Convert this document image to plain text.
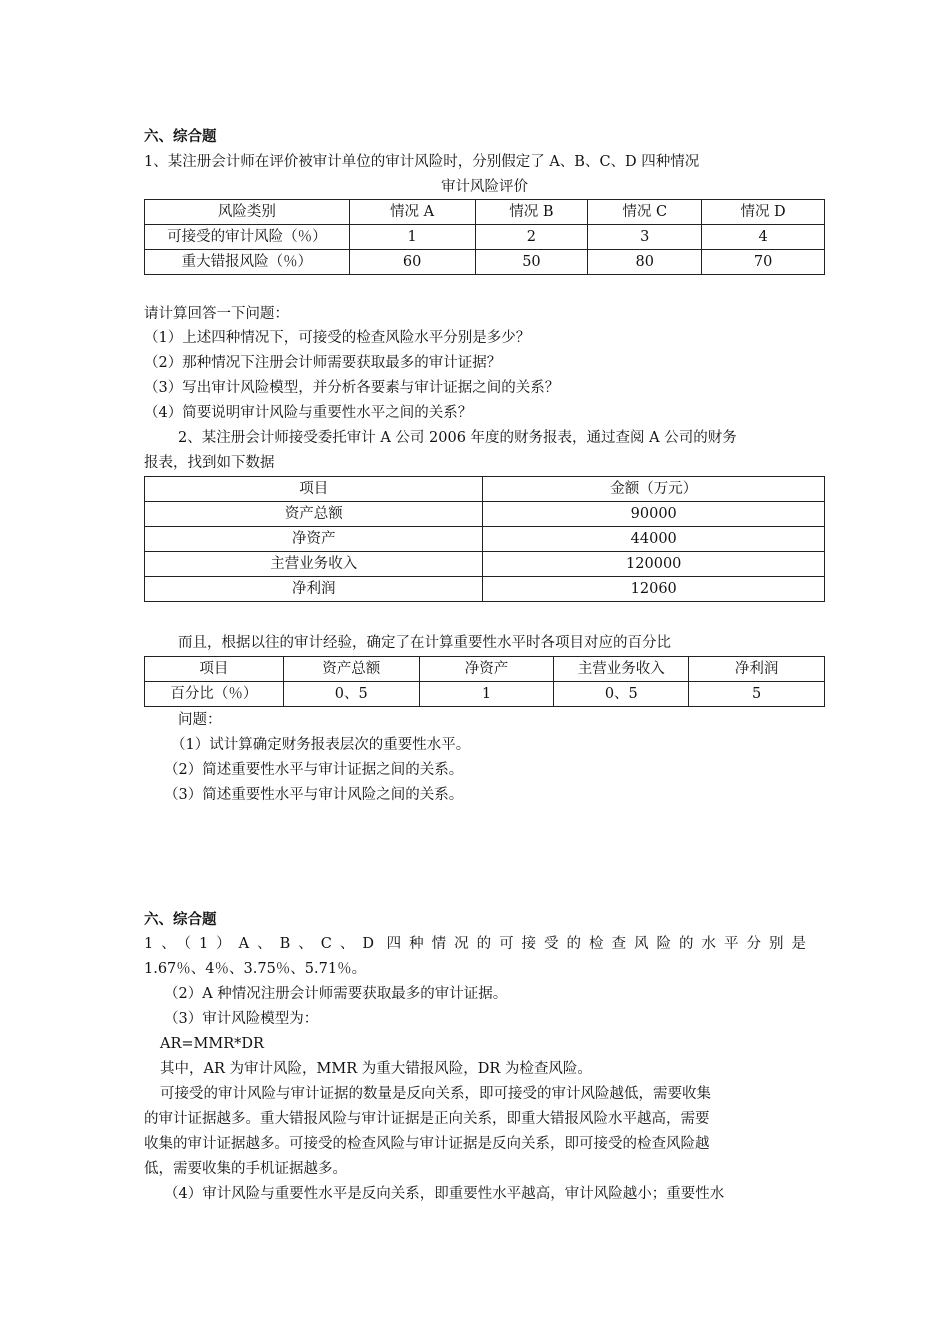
六、综合题
1、某注册会计师在评价被审计单位的审计风险时，分别假定了 A、B、C、D 四种情况
审计风险评价
风险类别	情况 A	情况 B	情况 C	情况 D
可接受的审计风险（％）	1	2	3	4
重大错报风险（％）	60	50	80	70
请计算回答一下问题：
（1）上述四种情况下，可接受的检查风险水平分别是多少？
（2）那种情况下注册会计师需要获取最多的审计证据？
（3）写出审计风险模型，并分析各要素与审计证据之间的关系？
（4）简要说明审计风险与重要性水平之间的关系？
2、某注册会计师接受委托审计 A 公司 2006 年度的财务报表，通过查阅 A 公司的财务
报表，找到如下数据
项目	金额（万元）
资产总额	90000
净资产	44000
主营业务收入	120000
净利润	12060
而且，根据以往的审计经验，确定了在计算重要性水平时各项目对应的百分比
项目	资产总额	净资产	主营业务收入	净利润
百分比（％）	0、5	1	0、5	5
问题：
（1）试计算确定财务报表层次的重要性水平。
（2）简述重要性水平与审计证据之间的关系。
（3）简述重要性水平与审计风险之间的关系。
六、综合题
1、（1）A、B、C、D 四种情况的可接受的检查风险的水平分别是
1.67％、4％、3.75％、5.71％。
（2）A 种情况注册会计师需要获取最多的审计证据。
（3）审计风险模型为：
AR=MMR*DR
其中，AR 为审计风险，MMR 为重大错报风险，DR 为检查风险。
可接受的审计风险与审计证据的数量是反向关系，即可接受的审计风险越低，需要收集
的审计证据越多。重大错报风险与审计证据是正向关系，即重大错报风险水平越高，需要
收集的审计证据越多。可接受的检查风险与审计证据是反向关系，即可接受的检查风险越
低，需要收集的手机证据越多。
（4）审计风险与重要性水平是反向关系，即重要性水平越高，审计风险越小；重要性水
